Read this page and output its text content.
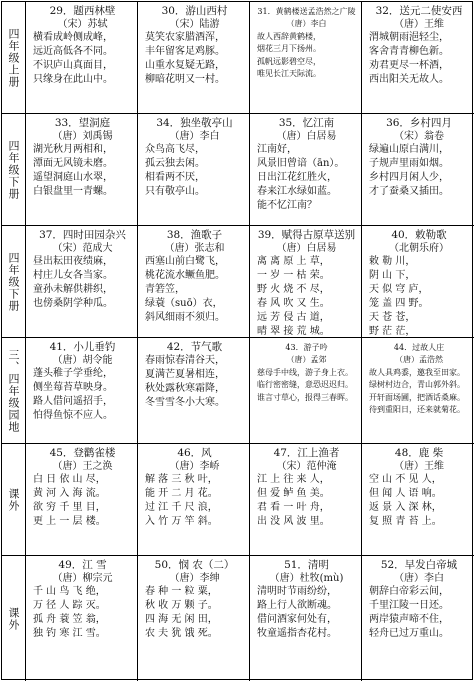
四年级上册
29．题西林壁
（宋）苏轼
横看成岭侧成峰，
远近高低各不同。
不识庐山真面目，
只缘身在此山中。
30．游山西村
（宋）陆游
莫笑农家腊酒浑，
丰年留客足鸡豚。
山重水复疑无路，
柳暗花明又一村。
31．黄鹤楼送孟浩然之广陵
（唐）李白
故人西辞黄鹤楼，
烟花三月下扬州。
孤帆远影碧空尽，
唯见长江天际流。
32．送元二使安西
（唐）王维
渭城朝雨浥轻尘，
客舍青青柳色新。
劝君更尽一杯酒，
西出阳关无故人。
四年级下册
33．望洞庭
（唐）刘禹锡
湖光秋月两相和，
潭面无风镜未磨。
遥望洞庭山水翠，
白银盘里一青螺。
34．独坐敬亭山
（唐）李白
众鸟高飞尽，
孤云独去闲。
相看两不厌，
只有敬亭山。
35．忆江南
（唐）白居易
江南好，
风景旧曾谙（ān）。
日出江花红胜火，
春来江水绿如蓝。
能不忆江南？
36．乡村四月
（宋）翁卷
绿遍山原白满川，
子规声里雨如烟。
乡村四月闲人少，
才了蚕桑又插田。
四年级下册
37．四时田园杂兴
（宋）范成大
昼出耘田夜绩麻，
村庄儿女各当家。
童孙未解供耕织，
也傍桑阴学种瓜。
38．渔歌子
（唐）张志和
西塞山前白鹭飞，
桃花流水鳜鱼肥。
青箬笠，
绿蓑（suō）衣，
斜风细雨不须归。
39．赋得古原草送别
（唐）白居易
离 离 原 上 草，
一 岁 一 枯 荣。
野 火 烧 不 尽，
春 风 吹 又 生。
远 芳 侵 古 道，
晴 翠 接 荒 城。
40．敕勒歌
（北朝乐府）
敕 勒 川，
阴 山 下，
天 似 穹 庐，
笼 盖 四 野。
天 苍 苍，
野 茫 茫，
三、四年级园地
41．小儿垂钓
（唐）胡令能
蓬头稚子学垂纶，
侧坐莓苔草映身。
路人借问遥招手，
怕得鱼惊不应人。
42．节气歌
春雨惊春清谷天，
夏满芒夏暑相连，
秋处露秋寒霜降，
冬雪雪冬小大寒。
43．游子吟
（唐）孟郊
慈母手中线，游子身上衣。
临行密密缝，意恐迟迟归。
谁言寸草心，报得三春晖。
44．过故人庄
（唐）孟浩然
故人具鸡黍，邀我至田家。
绿树村边合，青山郭外斜。
开轩面场圃，把酒话桑麻。
待到重阳日，还来就菊花。
课外
45．登鹳雀楼
（唐）王之涣
白 日 依 山 尽，
黄 河 入 海 流。
欲 穷 千 里 目，
更 上 一 层 楼。
46．风
（唐）李峤
解 落 三 秋 叶，
能 开 二 月 花。
过 江 千 尺 浪，
入 竹 万 竿 斜。
47．江上渔者
（宋）范仲淹
江 上 往 来 人，
但 爱 鲈 鱼 美。
君 看 一 叶 舟，
出 没 风 波 里。
48．鹿 柴
（唐）王维
空 山 不 见 人，
但 闻 人 语 响。
返 景 入 深 林，
复 照 青 苔 上。
课外
49．江 雪
（唐）柳宗元
千 山 鸟 飞 绝，
万 径 人 踪 灭。
孤 舟 蓑 笠 翁，
独 钓 寒 江 雪。
50．悯 农（二）
（唐）李绅
春 种 一 粒 粟，
秋 收 万 颗 子。
四 海 无 闲 田，
农 夫 犹 饿 死。
51．清明
（唐）杜牧(mù)
清明时节雨纷纷，
路上行人欲断魂。
借问酒家何处有，
牧童遥指杏花村。
52．早发白帝城
（唐）李白
朝辞白帝彩云间，
千里江陵一日还。
两岸猿声啼不住，
轻舟已过万重山。
